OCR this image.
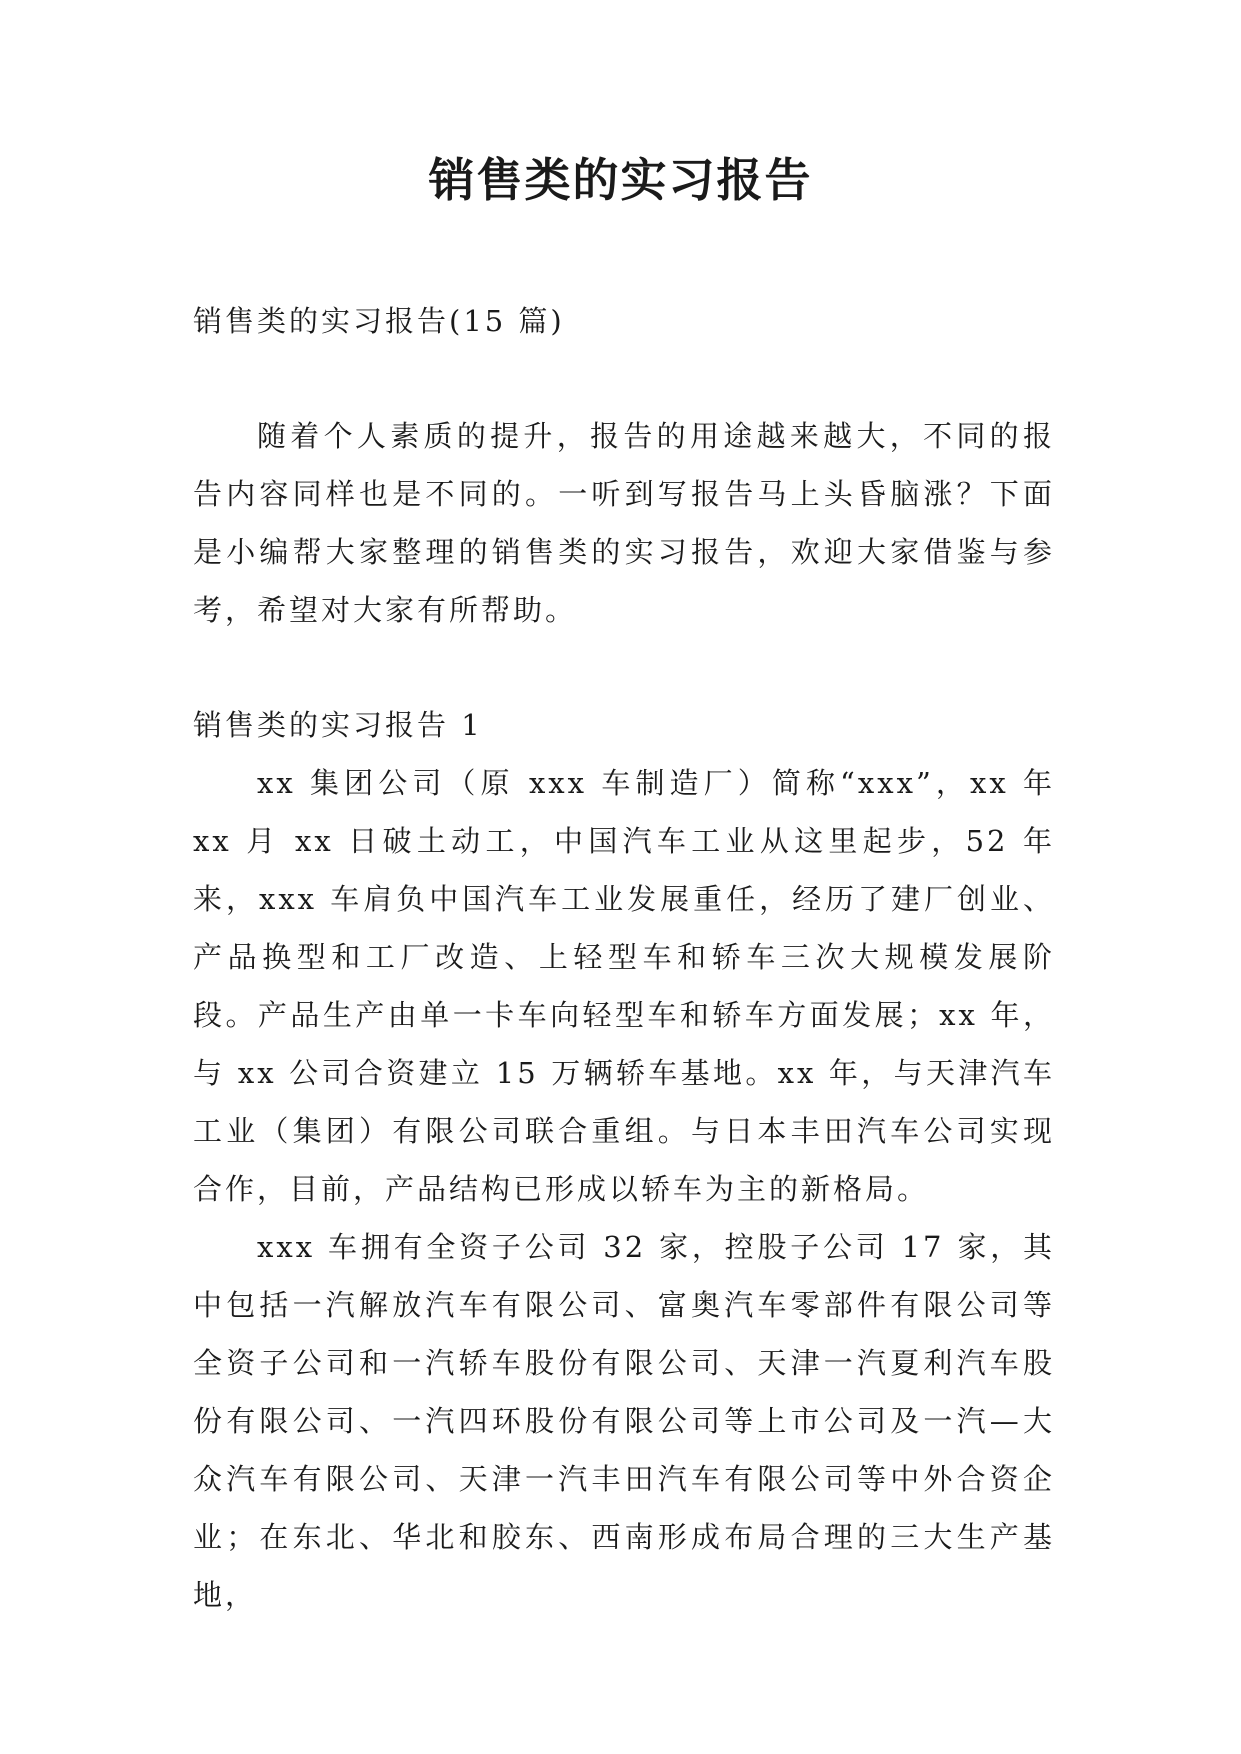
销售类的实习报告

销售类的实习报告(15 篇)

随着个人素质的提升，报告的用途越来越大，不同的报告内容同样也是不同的。一听到写报告马上头昏脑涨？下面是小编帮大家整理的销售类的实习报告，欢迎大家借鉴与参考，希望对大家有所帮助。

销售类的实习报告 1

xx 集团公司（原 xxx 车制造厂）简称“xxx”，xx 年 xx 月 xx 日破土动工，中国汽车工业从这里起步，52 年来，xxx 车肩负中国汽车工业发展重任，经历了建厂创业、产品换型和工厂改造、上轻型车和轿车三次大规模发展阶段。产品生产由单一卡车向轻型车和轿车方面发展；xx 年，与 xx 公司合资建立 15 万辆轿车基地。xx 年，与天津汽车工业（集团）有限公司联合重组。与日本丰田汽车公司实现合作，目前，产品结构已形成以轿车为主的新格局。

xxx 车拥有全资子公司 32 家，控股子公司 17 家，其中包括一汽解放汽车有限公司、富奥汽车零部件有限公司等全资子公司和一汽轿车股份有限公司、天津一汽夏利汽车股份有限公司、一汽四环股份有限公司等上市公司及一汽—大众汽车有限公司、天津一汽丰田汽车有限公司等中外合资企业；在东北、华北和胶东、西南形成布局合理的三大生产基地，
